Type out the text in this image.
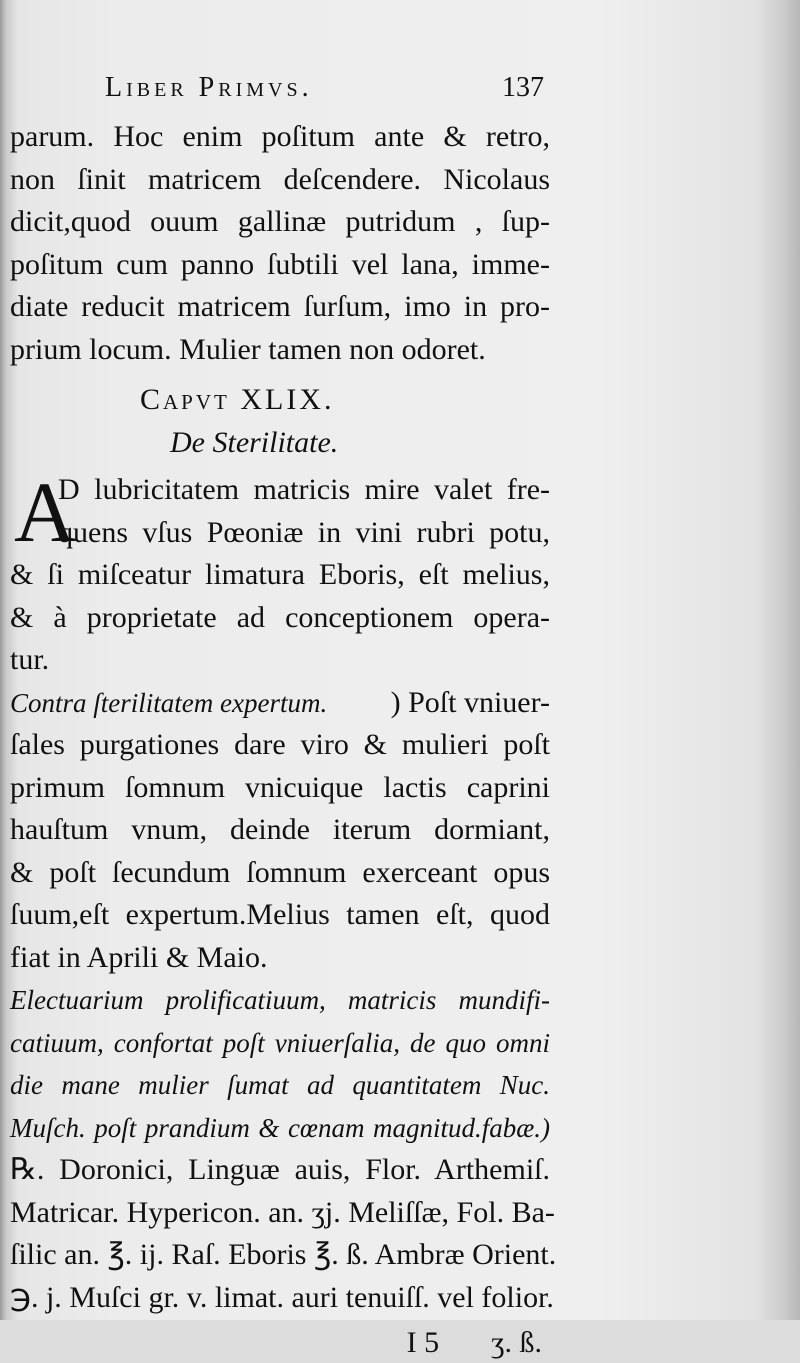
Liber Primvs.	137
parum. Hoc enim poſitum ante & retro,
non ſinit matricem deſcendere. Nicolaus
dicit,quod ouum gallinæ putridum , ſup-
poſitum cum panno ſubtili vel lana, imme-
diate reducit matricem ſurſum, imo in pro-
prium locum. Mulier tamen non odoret.
Capvt XLIX.
De Sterilitate.
A
D lubricitatem matricis mire valet fre-
quens vſus Pœoniæ in vini rubri potu,
& ſi miſceatur limatura Eboris, eſt melius,
& à proprietate ad conceptionem opera-
tur.
Contra ſterilitatem expertum. ) Poſt vniuer-
ſales purgationes dare viro & mulieri poſt
primum ſomnum vnicuique lactis caprini
hauſtum vnum, deinde iterum dormiant,
& poſt ſecundum ſomnum exerceant opus
ſuum,eſt expertum.Melius tamen eſt, quod
fiat in Aprili & Maio.
Electuarium prolificatiuum, matricis mundifi-
catiuum, confortat poſt vniuerſalia, de quo omni
die mane mulier ſumat ad quantitatem Nuc.
Muſch. poſt prandium & cœnam magnitud.fabæ.)
℞. Doronici, Linguæ auis, Flor. Arthemiſ.
Matricar. Hypericon. an. ʒj. Meliſſæ, Fol. Ba-
ſilic an. ℥. ij. Raſ. Eboris ℥. ß. Ambræ Orient.
℈. j. Muſci gr. v. limat. auri tenuiſſ. vel folior.
I 5 ʒ. ß.
